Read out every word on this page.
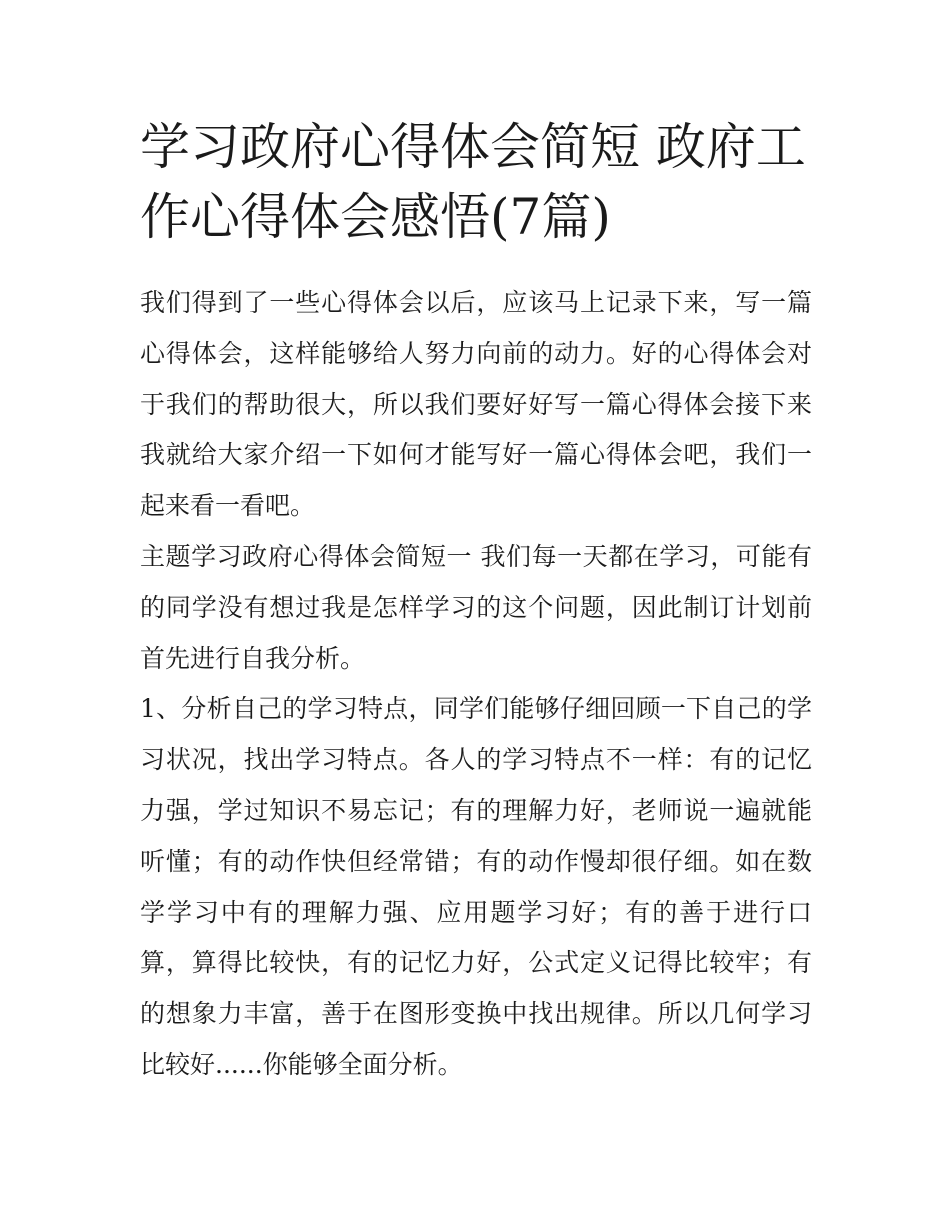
学习政府心得体会简短 政府工作心得体会感悟(7篇)

我们得到了一些心得体会以后，应该马上记录下来，写一篇心得体会，这样能够给人努力向前的动力。好的心得体会对于我们的帮助很大，所以我们要好好写一篇心得体会接下来我就给大家介绍一下如何才能写好一篇心得体会吧，我们一起来看一看吧。

主题学习政府心得体会简短一 我们每一天都在学习，可能有的同学没有想过我是怎样学习的这个问题，因此制订计划前首先进行自我分析。

1、分析自己的学习特点，同学们能够仔细回顾一下自己的学习状况，找出学习特点。各人的学习特点不一样：有的记忆力强，学过知识不易忘记；有的理解力好，老师说一遍就能听懂；有的动作快但经常错；有的动作慢却很仔细。如在数学学习中有的理解力强、应用题学习好；有的善于进行口算，算得比较快，有的记忆力好，公式定义记得比较牢；有的想象力丰富，善于在图形变换中找出规律。所以几何学习比较好......你能够全面分析。
